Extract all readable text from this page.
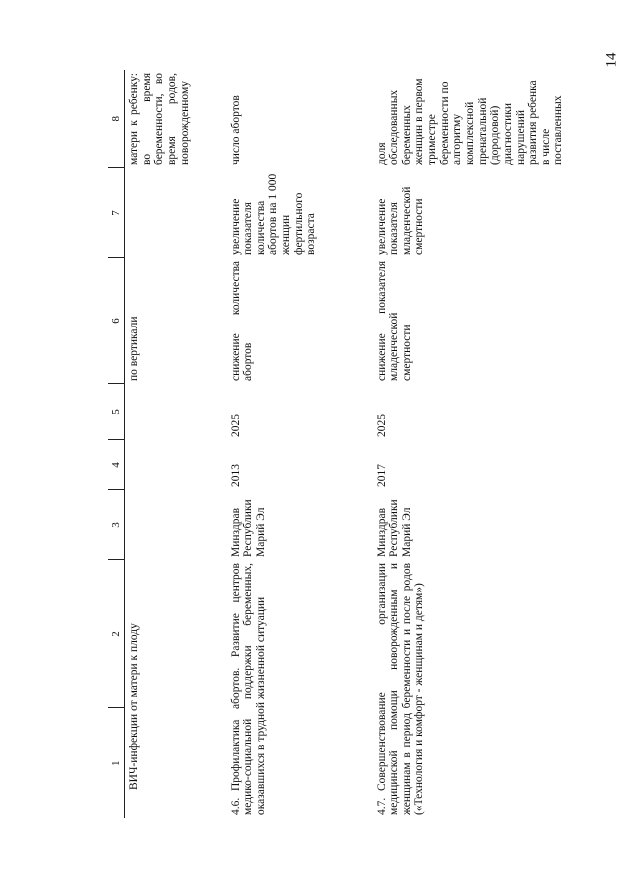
14
1	2	3	4	5	6	7	8
ВИЧ-инфекции от матери к плоду					по вертикали		матери к ребенку: во время беременности, во время родов, новорожденному
4.6.Профилактика абортов. Развитие центров медико-социальной поддержки беременных, оказавшихся в трудной жизненной ситуации		Минздрав Республики Марий Эл	2013	2025	снижение количества абортов	увеличение показателя количества абортов на 1 000 женщин фертильного возраста	число абортов
4.7.Совершенствование организации медицинской помощи новорожденным и женщинам в период беременности и после родов («Технология и комфорт - женщинам и детям»)		Минздрав Республики Марий Эл	2017	2025	снижение показателя младенческой смертности	увеличение показателя младенческой смертности	доля обследованных беременных женщин в первом триместре беременности по алгоритму комплексной пренатальной (дородовой) диагностики нарушений развития ребенка в числе поставленных
